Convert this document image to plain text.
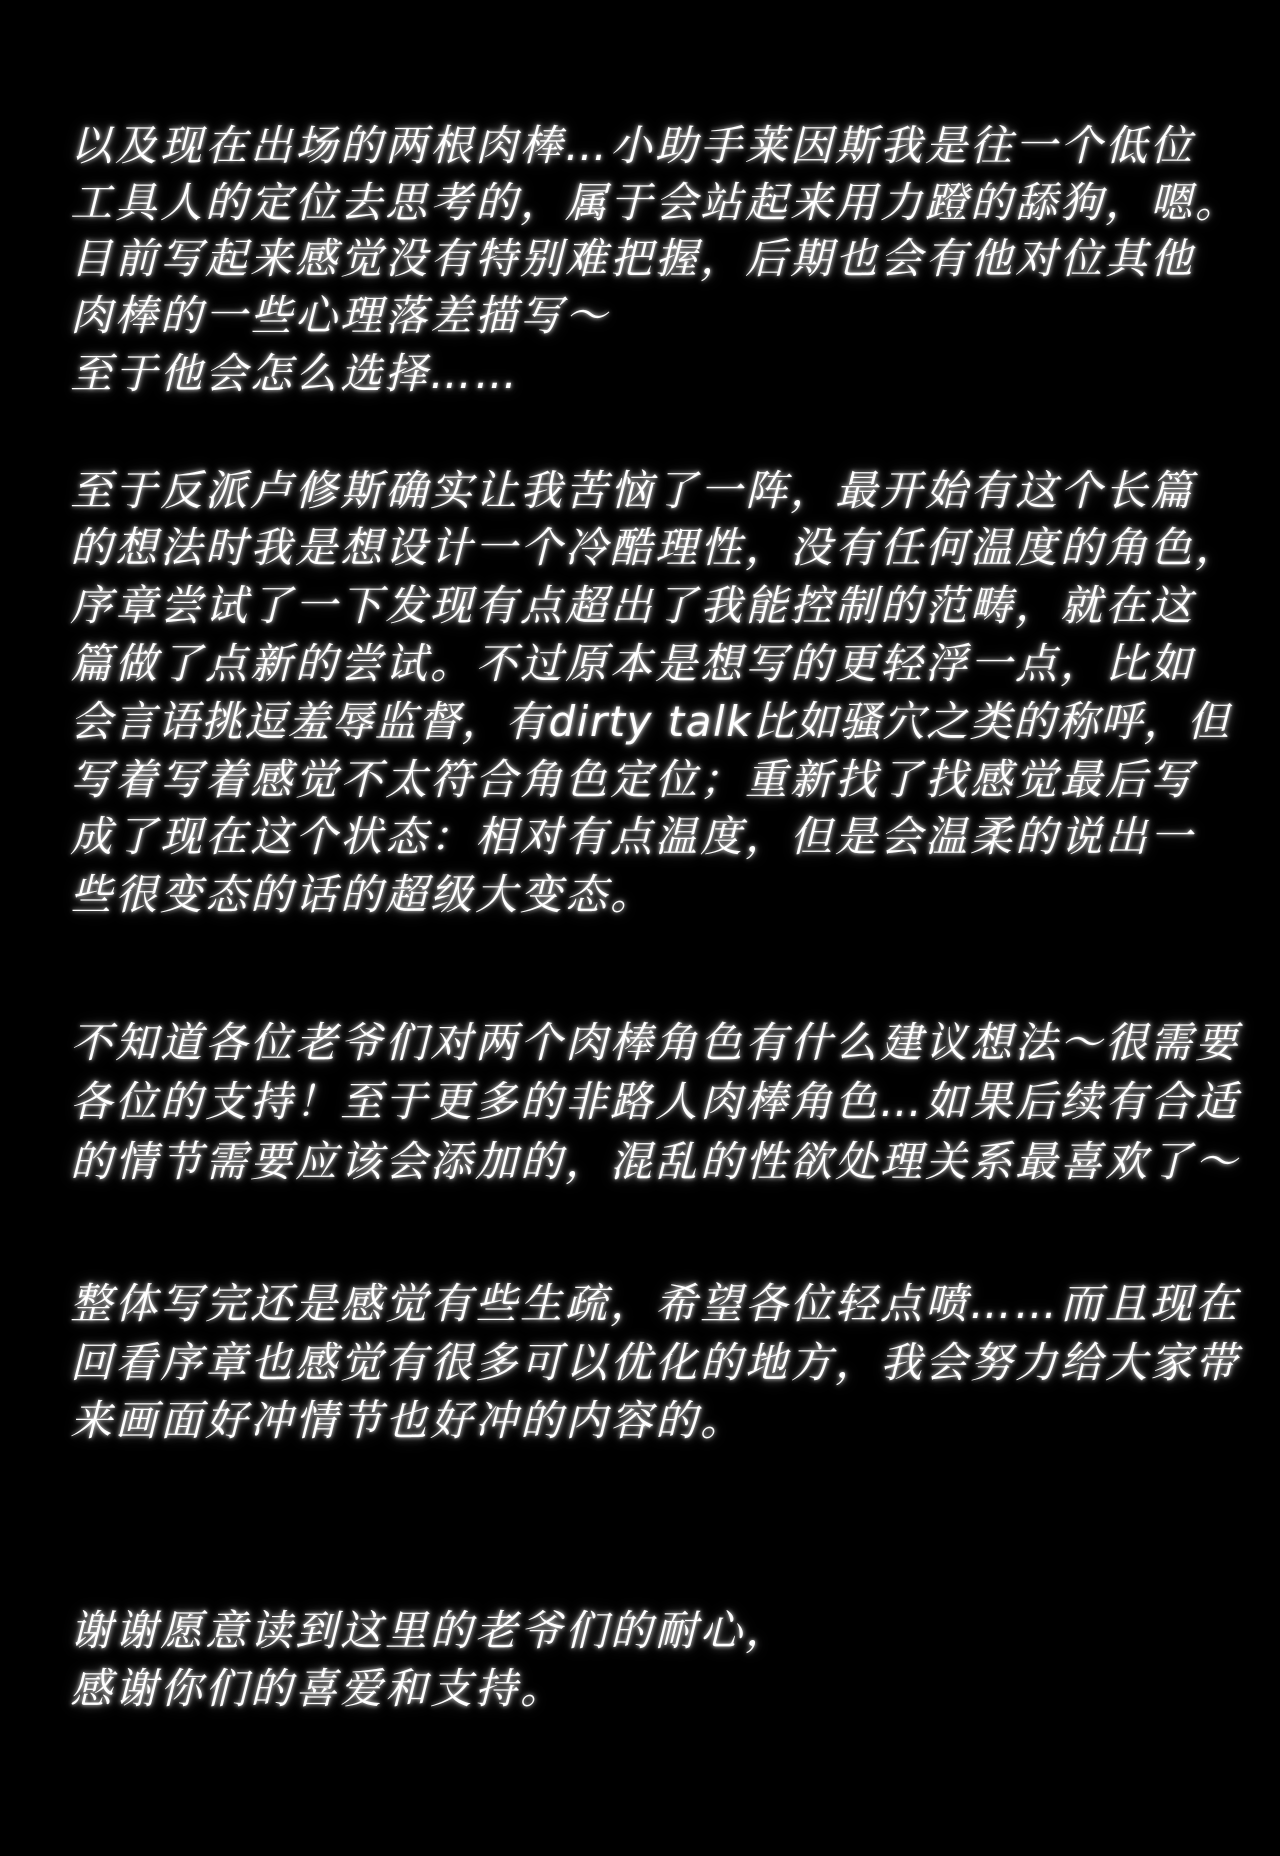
以及现在出场的两根肉棒…小助手莱因斯我是往一个低位

工具人的定位去思考的，属于会站起来用力蹬的舔狗，嗯。

目前写起来感觉没有特别难把握，后期也会有他对位其他

肉棒的一些心理落差描写～

至于他会怎么选择……

至于反派卢修斯确实让我苦恼了一阵，最开始有这个长篇

的想法时我是想设计一个冷酷理性，没有任何温度的角色，

序章尝试了一下发现有点超出了我能控制的范畴，就在这

篇做了点新的尝试。不过原本是想写的更轻浮一点，比如

会言语挑逗羞辱监督，有dirty talk比如骚穴之类的称呼，但

写着写着感觉不太符合角色定位；重新找了找感觉最后写

成了现在这个状态：相对有点温度，但是会温柔的说出一

些很变态的话的超级大变态。

不知道各位老爷们对两个肉棒角色有什么建议想法～很需要

各位的支持！至于更多的非路人肉棒角色…如果后续有合适

的情节需要应该会添加的，混乱的性欲处理关系最喜欢了～

整体写完还是感觉有些生疏，希望各位轻点喷……而且现在

回看序章也感觉有很多可以优化的地方，我会努力给大家带

来画面好冲情节也好冲的内容的。

谢谢愿意读到这里的老爷们的耐心，

感谢你们的喜爱和支持。
